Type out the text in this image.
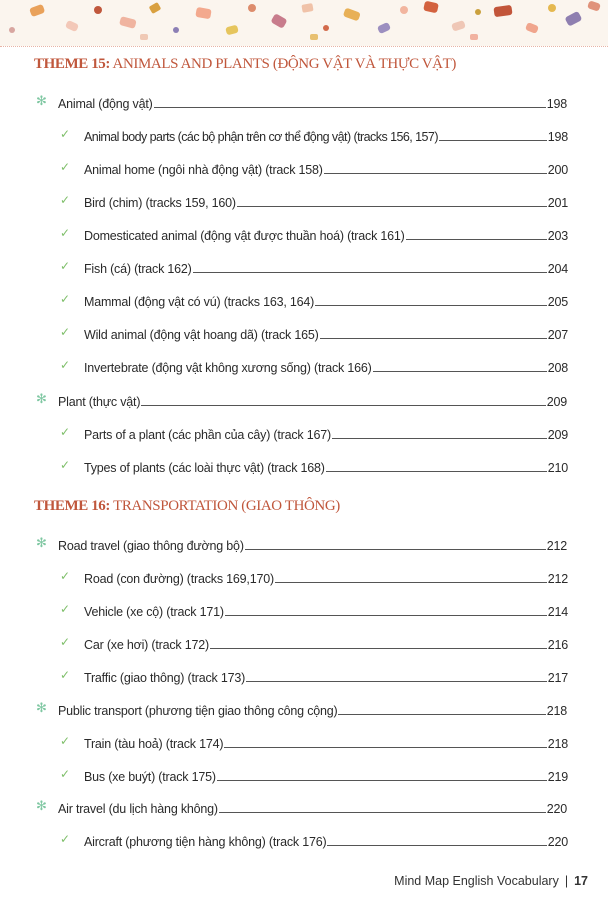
THEME 15: ANIMALS AND PLANTS (ĐỘNG VẬT VÀ THỰC VẬT)
✻ Animal (động vật)	198
✓ Animal body parts (các bộ phận trên cơ thể động vật) (tracks 156, 157)	198
✓ Animal home (ngôi nhà động vật) (track 158)	200
✓ Bird (chim) (tracks 159, 160)	201
✓ Domesticated animal (động vật được thuần hoá) (track 161)	203
✓ Fish (cá) (track 162)	204
✓ Mammal (động vật có vú) (tracks 163, 164)	205
✓ Wild animal (động vật hoang dã) (track 165)	207
✓ Invertebrate (động vật không xương sống) (track 166)	208
✻ Plant (thực vật)	209
✓ Parts of a plant (các phần của cây) (track 167)	209
✓ Types of plants (các loài thực vật) (track 168)	210
THEME 16: TRANSPORTATION (GIAO THÔNG)
✻ Road travel (giao thông đường bộ)	212
✓ Road (con đường) (tracks 169,170)	212
✓ Vehicle (xe cộ) (track 171)	214
✓ Car (xe hơi) (track 172)	216
✓ Traffic (giao thông) (track 173)	217
✻ Public transport (phương tiện giao thông công cộng)	218
✓ Train (tàu hoả) (track 174)	218
✓ Bus (xe buýt) (track 175)	219
✻ Air travel (du lịch hàng không)	220
✓ Aircraft (phương tiện hàng không) (track 176)	220
Mind Map English Vocabulary | 17
